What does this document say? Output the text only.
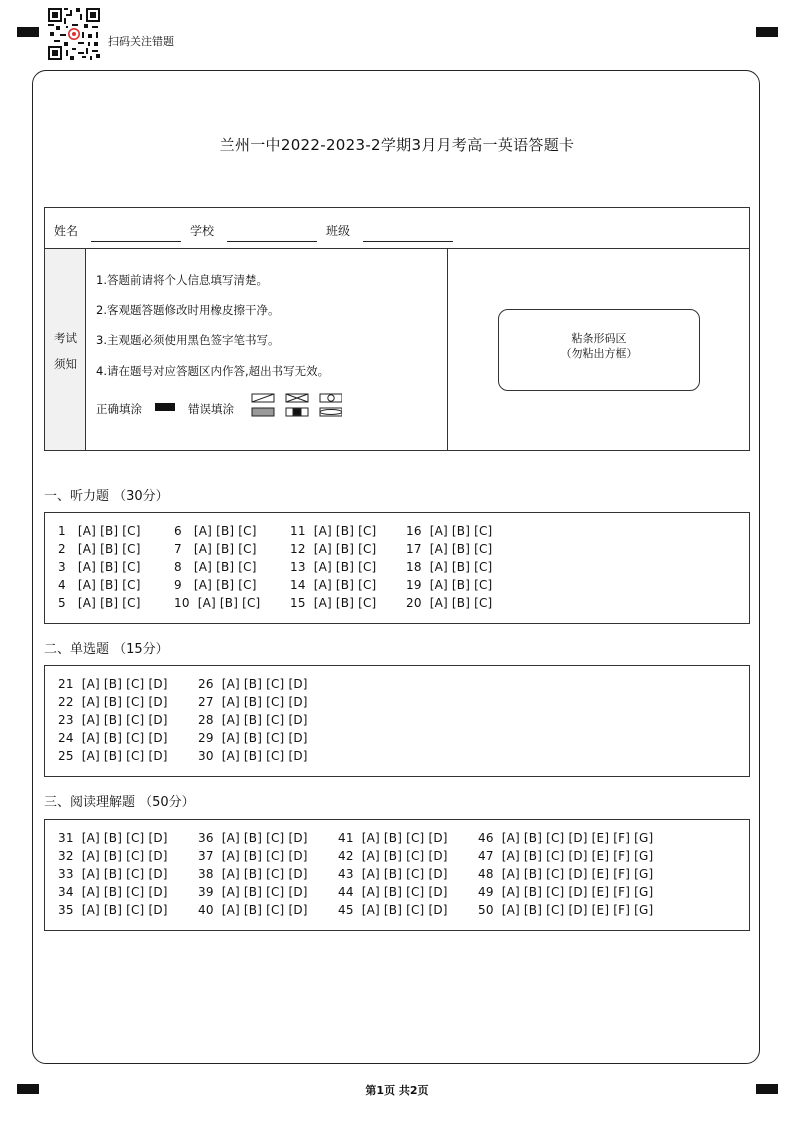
扫码关注错题
兰州一中2022-2023-2学期3月月考高一英语答题卡
姓名	学校	班级
考试
须知
1.答题前请将个人信息填写清楚。
2.客观题答题修改时用橡皮擦干净。
3.主观题必须使用黑色签字笔书写。
4.请在题号对应答题区内作答,超出书写无效。
正确填涂	错误填涂
粘条形码区
（勿粘出方框）
一、听力题 （30分）
1   [A] [B] [C]
2   [A] [B] [C]
3   [A] [B] [C]
4   [A] [B] [C]
5   [A] [B] [C]
6   [A] [B] [C]
7   [A] [B] [C]
8   [A] [B] [C]
9   [A] [B] [C]
10  [A] [B] [C]
11  [A] [B] [C]
12  [A] [B] [C]
13  [A] [B] [C]
14  [A] [B] [C]
15  [A] [B] [C]
16  [A] [B] [C]
17  [A] [B] [C]
18  [A] [B] [C]
19  [A] [B] [C]
20  [A] [B] [C]
二、单选题 （15分）
21  [A] [B] [C] [D]
22  [A] [B] [C] [D]
23  [A] [B] [C] [D]
24  [A] [B] [C] [D]
25  [A] [B] [C] [D]
26  [A] [B] [C] [D]
27  [A] [B] [C] [D]
28  [A] [B] [C] [D]
29  [A] [B] [C] [D]
30  [A] [B] [C] [D]
三、阅读理解题 （50分）
31  [A] [B] [C] [D]
32  [A] [B] [C] [D]
33  [A] [B] [C] [D]
34  [A] [B] [C] [D]
35  [A] [B] [C] [D]
36  [A] [B] [C] [D]
37  [A] [B] [C] [D]
38  [A] [B] [C] [D]
39  [A] [B] [C] [D]
40  [A] [B] [C] [D]
41  [A] [B] [C] [D]
42  [A] [B] [C] [D]
43  [A] [B] [C] [D]
44  [A] [B] [C] [D]
45  [A] [B] [C] [D]
46  [A] [B] [C] [D] [E] [F] [G]
47  [A] [B] [C] [D] [E] [F] [G]
48  [A] [B] [C] [D] [E] [F] [G]
49  [A] [B] [C] [D] [E] [F] [G]
50  [A] [B] [C] [D] [E] [F] [G]
第1页 共2页
